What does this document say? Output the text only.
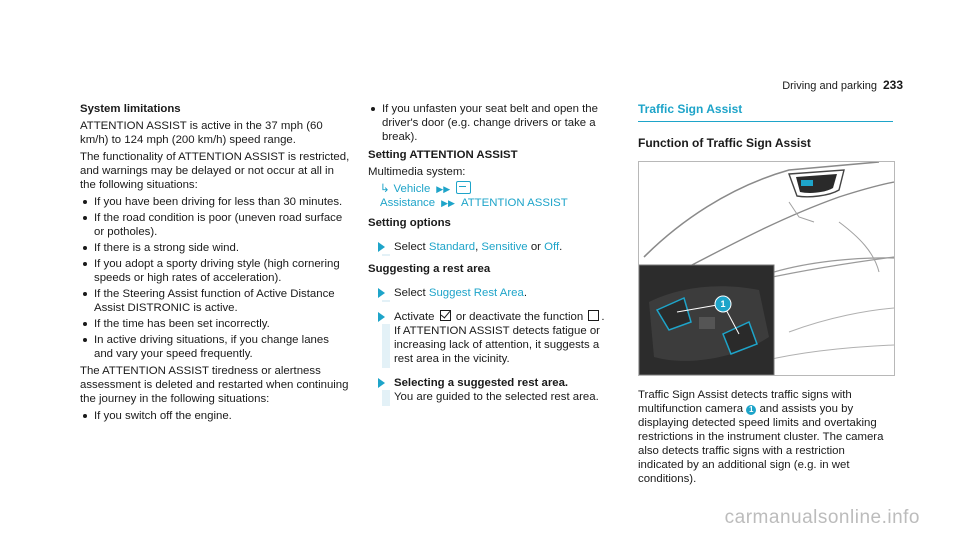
Driving and parking 233

System limitations

ATTENTION ASSIST is active in the 37 mph (60 km/h) to 124 mph (200 km/h) speed range.

The functionality of ATTENTION ASSIST is restricted, and warnings may be delayed or not occur at all in the following situations:

If you have been driving for less than 30 minutes.
If the road condition is poor (uneven road surface or potholes).
If there is a strong side wind.
If you adopt a sporty driving style (high cornering speeds or high rates of acceleration).
If the Steering Assist function of Active Distance Assist DISTRONIC is active.
If the time has been set incorrectly.
In active driving situations, if you change lanes and vary your speed frequently.

The ATTENTION ASSIST tiredness or alertness assessment is deleted and restarted when continuing the journey in the following situations:

If you switch off the engine.
If you unfasten your seat belt and open the driver's door (e.g. change drivers or take a break).

Setting ATTENTION ASSIST

Multimedia system:

↳ Vehicle ▶▶Assistance ▶▶ ATTENTION ASSIST

Setting options

Select Standard, Sensitive or Off.

Suggesting a rest area

Select Suggest Rest Area.
Activate or deactivate the function .
If ATTENTION ASSIST detects fatigue or increasing lack of attention, it suggests a rest area in the vicinity.
Selecting a suggested rest area.
You are guided to the selected rest area.
Traffic Sign Assist
Function of Traffic Sign Assist
1

Traffic Sign Assist detects traffic signs with multifunction camera 1 and assists you by displaying detected speed limits and overtaking restrictions in the instrument cluster. The camera also detects traffic signs with a restriction indicated by an additional sign (e.g. in wet conditions).

carmanualsonline.info
